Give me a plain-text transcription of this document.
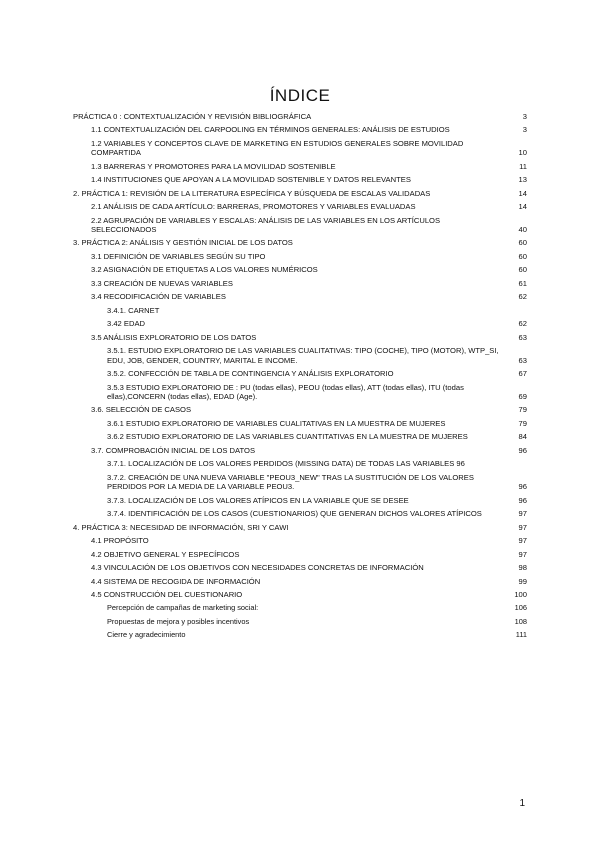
ÍNDICE
PRÁCTICA 0 : CONTEXTUALIZACIÓN Y REVISIÓN BIBLIOGRÁFICA	3
1.1 CONTEXTUALIZACIÓN DEL CARPOOLING EN TÉRMINOS GENERALES: ANÁLISIS DE ESTUDIOS	3
1.2 VARIABLES Y CONCEPTOS CLAVE DE MARKETING EN ESTUDIOS GENERALES SOBRE MOVILIDAD COMPARTIDA	10
1.3 BARRERAS Y PROMOTORES PARA LA MOVILIDAD SOSTENIBLE	11
1.4 INSTITUCIONES QUE APOYAN A LA MOVILIDAD SOSTENIBLE Y DATOS RELEVANTES	13
2. PRÁCTICA 1: REVISIÓN DE LA LITERATURA ESPECÍFICA Y BÚSQUEDA DE ESCALAS VALIDADAS	14
2.1 ANÁLISIS DE CADA ARTÍCULO: BARRERAS, PROMOTORES Y VARIABLES EVALUADAS	14
2.2 AGRUPACIÓN DE VARIABLES Y ESCALAS: ANÁLISIS DE LAS VARIABLES EN LOS ARTÍCULOS SELECCIONADOS	40
3. PRÁCTICA 2: ANÁLISIS Y GESTIÓN INICIAL DE LOS DATOS	60
3.1 DEFINICIÓN DE VARIABLES SEGÚN SU TIPO	60
3.2 ASIGNACIÓN DE ETIQUETAS A LOS VALORES NUMÉRICOS	60
3.3 CREACIÓN DE NUEVAS VARIABLES	61
3.4 RECODIFICACIÓN DE VARIABLES	62
3.4.1. CARNET
3.42 EDAD	62
3.5 ANÁLISIS EXPLORATORIO DE LOS DATOS	63
3.5.1. ESTUDIO EXPLORATORIO DE LAS VARIABLES CUALITATIVAS: TIPO (COCHE), TIPO (MOTOR), WTP_SI, EDU, JOB, GENDER, COUNTRY, MARITAL E INCOME.	63
3.5.2. CONFECCIÓN DE TABLA DE CONTINGENCIA Y ANÁLISIS EXPLORATORIO	67
3.5.3 ESTUDIO EXPLORATORIO DE : PU (todas ellas), PEOU (todas ellas), ATT (todas ellas), ITU (todas ellas),CONCERN (todas ellas), EDAD (Age).	69
3.6. SELECCIÓN DE CASOS	79
3.6.1 ESTUDIO EXPLORATORIO DE VARIABLES CUALITATIVAS EN LA MUESTRA DE MUJERES	79
3.6.2 ESTUDIO EXPLORATORIO DE LAS VARIABLES CUANTITATIVAS EN LA MUESTRA DE MUJERES	84
3.7. COMPROBACIÓN INICIAL DE LOS DATOS	96
3.7.1. LOCALIZACIÓN DE LOS VALORES PERDIDOS (MISSING DATA) DE TODAS LAS VARIABLES 96
3.7.2. CREACIÓN DE UNA NUEVA VARIABLE "PEOU3_NEW" TRAS LA SUSTITUCIÓN DE LOS VALORES PERDIDOS POR LA MEDIA DE LA VARIABLE PEOU3.	96
3.7.3. LOCALIZACIÓN DE LOS VALORES ATÍPICOS EN LA VARIABLE QUE SE DESEE	96
3.7.4. IDENTIFICACIÓN DE LOS CASOS (CUESTIONARIOS) QUE GENERAN DICHOS VALORES ATÍPICOS	97
4. PRÁCTICA 3: NECESIDAD DE INFORMACIÓN, SRI Y CAWI	97
4.1 PROPÓSITO	97
4.2 OBJETIVO GENERAL Y ESPECÍFICOS	97
4.3 VINCULACIÓN DE LOS OBJETIVOS CON NECESIDADES CONCRETAS DE INFORMACIÓN	98
4.4 SISTEMA DE RECOGIDA DE INFORMACIÓN	99
4.5 CONSTRUCCIÓN DEL CUESTIONARIO	100
Percepción de campañas de marketing social:	106
Propuestas de mejora y posibles incentivos	108
Cierre y agradecimiento	111
1
